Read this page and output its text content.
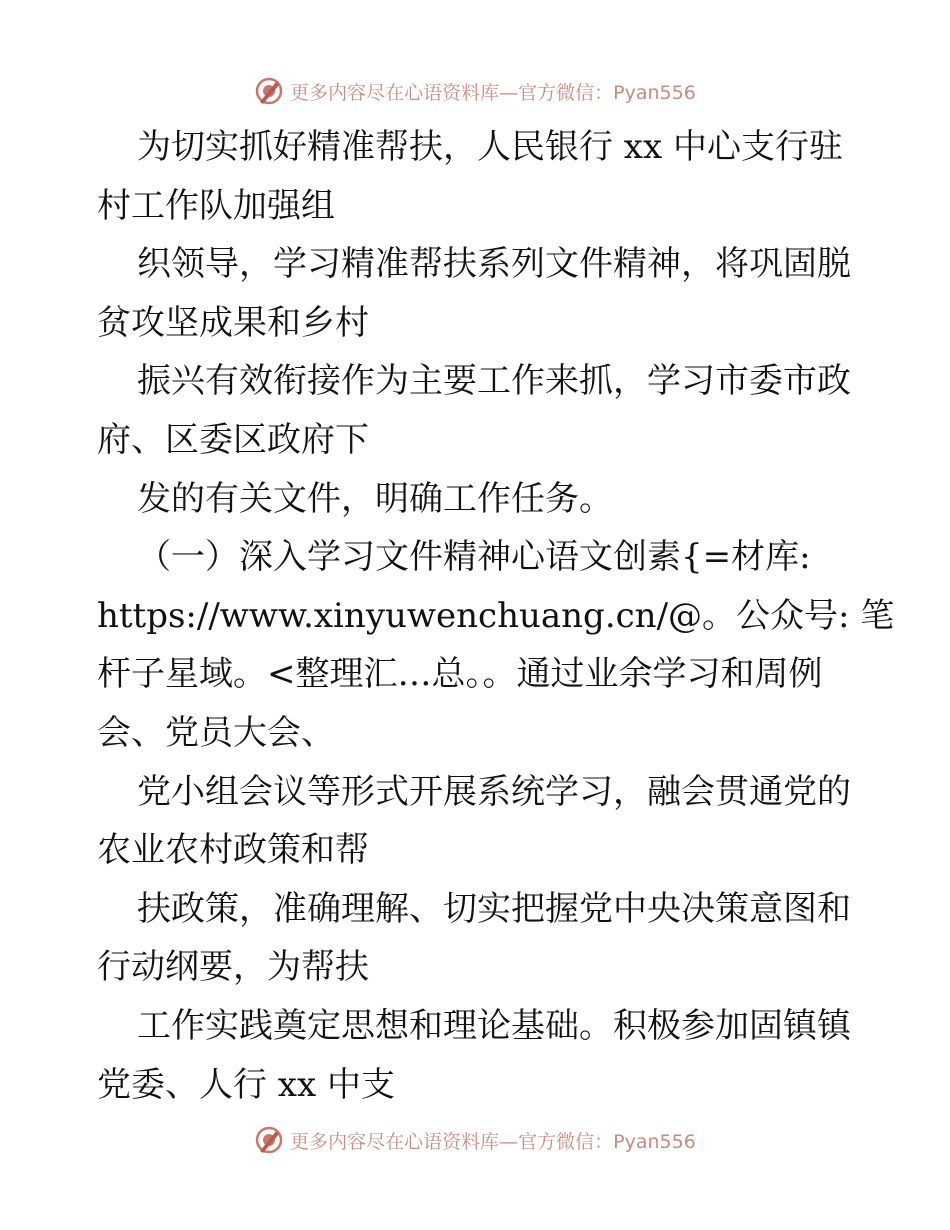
更多内容尽在心语资料库—官方微信：Pyan556
为切实抓好精准帮扶，人民银行 xx 中心支行驻
村工作队加强组
织领导，学习精准帮扶系列文件精神，将巩固脱
贫攻坚成果和乡村
振兴有效衔接作为主要工作来抓，学习市委市政
府、区委区政府下
发的有关文件，明确工作任务。
（一）深入学习文件精神心语文创素{=材库:
https://www.xinyuwenchuang.cn/@。公众号: 笔
杆子星域。<整理汇…总。。通过业余学习和周例
会、党员大会、
党小组会议等形式开展系统学习，融会贯通党的
农业农村政策和帮
扶政策，准确理解、切实把握党中央决策意图和
行动纲要，为帮扶
工作实践奠定思想和理论基础。积极参加固镇镇
党委、人行 xx 中支
更多内容尽在心语资料库—官方微信：Pyan556
